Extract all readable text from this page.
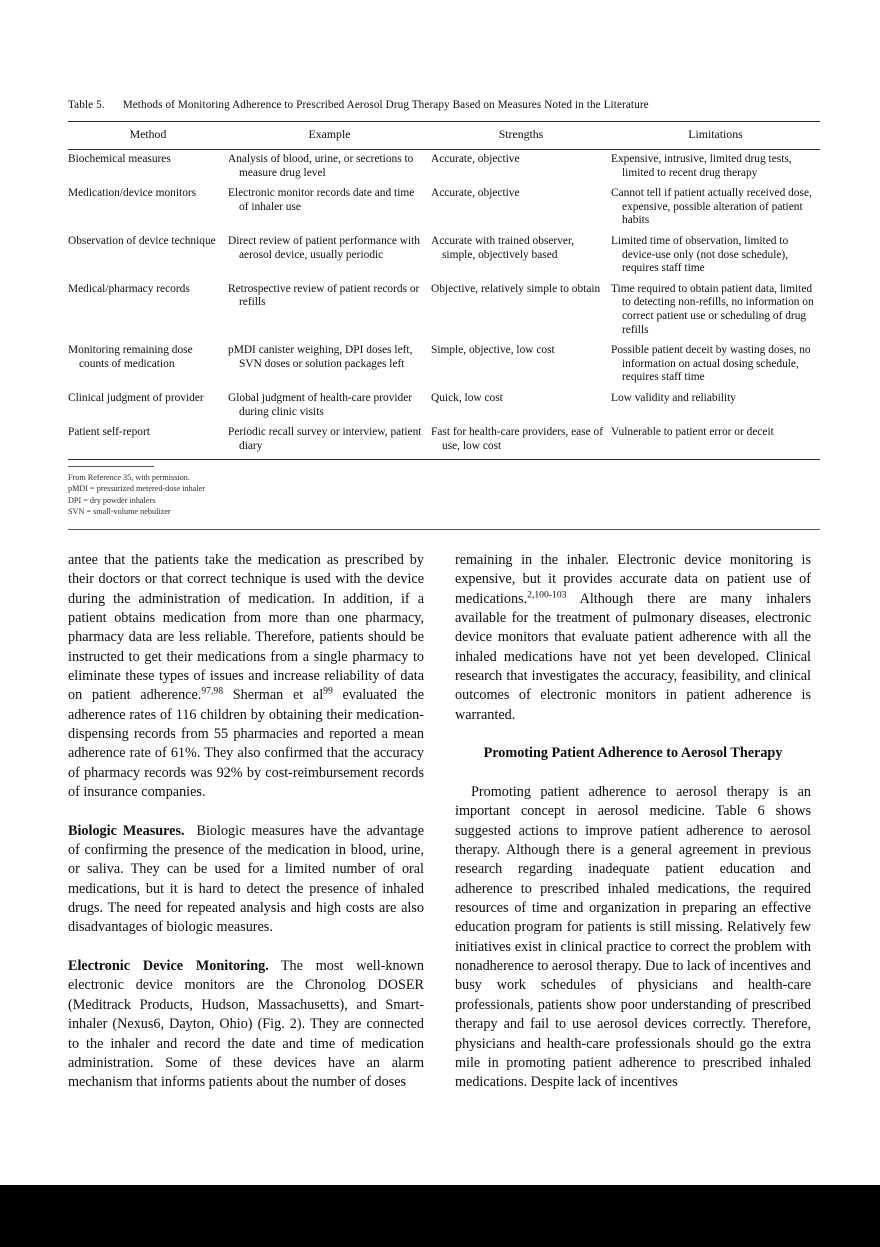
Table 5. Methods of Monitoring Adherence to Prescribed Aerosol Drug Therapy Based on Measures Noted in the Literature
Method	Example	Strengths	Limitations

Biochemical measures	Analysis of blood, urine, or secretions to measure drug level	Accurate, objective	Expensive, intrusive, limited drug tests, limited to recent drug therapy
Medication/device monitors	Electronic monitor records date and time of inhaler use	Accurate, objective	Cannot tell if patient actually received dose, expensive, possible alteration of patient habits
Observation of device technique	Direct review of patient performance with aerosol device, usually periodic	Accurate with trained observer, simple, objectively based	Limited time of observation, limited to device-use only (not dose schedule), requires staff time
Medical/pharmacy records	Retrospective review of patient records or refills	Objective, relatively simple to obtain	Time required to obtain patient data, limited to detecting non-refills, no information on correct patient use or scheduling of drug refills
Monitoring remaining dose counts of medication	pMDI canister weighing, DPI doses left, SVN doses or solution packages left	Simple, objective, low cost	Possible patient deceit by wasting doses, no information on actual dosing schedule, requires staff time
Clinical judgment of provider	Global judgment of health-care provider during clinic visits	Quick, low cost	Low validity and reliability
Patient self-report	Periodic recall survey or interview, patient diary	Fast for health-care providers, ease of use, low cost	Vulnerable to patient error or deceit
From Reference 35, with permission.
pMDI = pressurized metered-dose inhaler
DPI = dry powder inhalers
SVN = small-volume nebulizer

antee that the patients take the medication as prescribed by their doctors or that correct technique is used with the device during the administration of medication. In addition, if a patient obtains medication from more than one pharmacy, pharmacy data are less reliable. Therefore, patients should be instructed to get their medications from a single pharmacy to eliminate these types of issues and increase reliability of data on patient adherence.$^{97,98}$ Sherman et $al^{99}$ evaluated the adherence rates of 116 children by obtaining their medication-dispensing records from 55 pharmacies and reported a mean adherence rate of 61%. They also confirmed that the accuracy of pharmacy records was 92% by cost-reimbursement records of insurance companies.

Biologic Measures. Biologic measures have the advantage of confirming the presence of the medication in blood, urine, or saliva. They can be used for a limited number of oral medications, but it is hard to detect the presence of inhaled drugs. The need for repeated analysis and high costs are also disadvantages of biologic measures.

Electronic Device Monitoring. The most well-known electronic device monitors are the Chronolog DOSER (Meditrack Products, Hudson, Massachusetts), and Smart-inhaler (Nexus6, Dayton, Ohio) (Fig. 2). They are connected to the inhaler and record the date and time of medication administration. Some of these devices have an alarm mechanism that informs patients about the number of doses

remaining in the inhaler. Electronic device monitoring is expensive, but it provides accurate data on patient use of medications.$^{2,100-103}$ Although there are many inhalers available for the treatment of pulmonary diseases, electronic device monitors that evaluate patient adherence with all the inhaled medications have not yet been developed. Clinical research that investigates the accuracy, feasibility, and clinical outcomes of electronic monitors in patient adherence is warranted.

Promoting Patient Adherence to Aerosol Therapy

Promoting patient adherence to aerosol therapy is an important concept in aerosol medicine. Table 6 shows suggested actions to improve patient adherence to aerosol therapy. Although there is a general agreement in previous research regarding inadequate patient education and adherence to prescribed inhaled medications, the required resources of time and organization in preparing an effective education program for patients is still missing. Relatively few initiatives exist in clinical practice to correct the problem with nonadherence to aerosol therapy. Due to lack of incentives and busy work schedules of physicians and health-care professionals, patients show poor understanding of prescribed therapy and fail to use aerosol devices correctly. Therefore, physicians and health-care professionals should go the extra mile in promoting patient adherence to prescribed inhaled medications. Despite lack of incentives
